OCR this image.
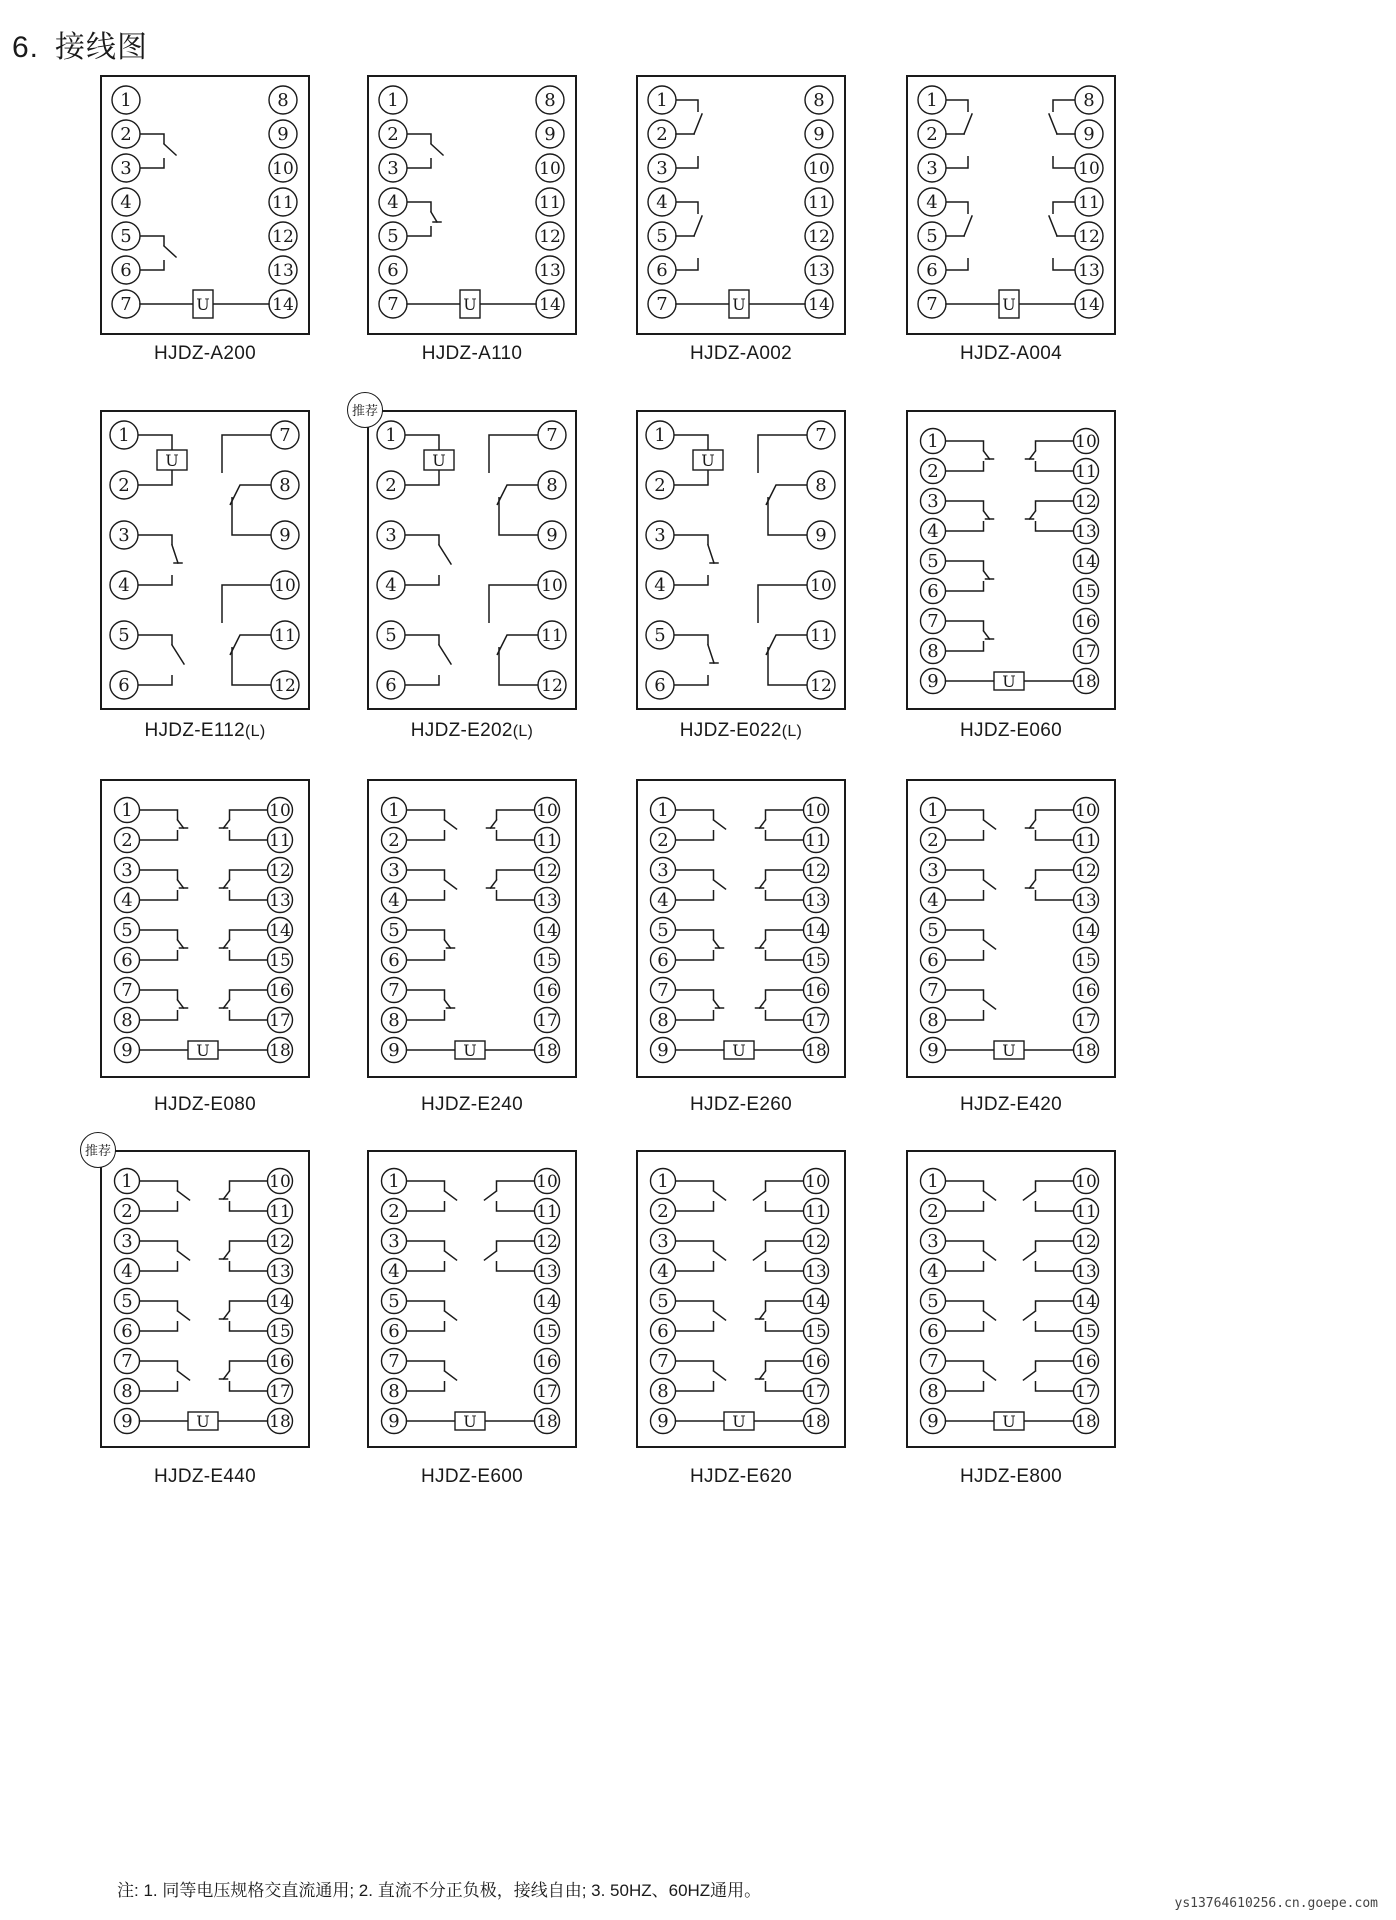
6. 接线图
1
2
3
4
5
6
7
8
9
10
11
12
13
14
U
HJDZ-A200
1
2
3
4
5
6
7
8
9
10
11
12
13
14
U
HJDZ-A110
1
2
3
4
5
6
7
8
9
10
11
12
13
14
U
HJDZ-A002
1
2
3
4
5
6
7
8
9
10
11
12
13
14
U
HJDZ-A004
1
2
3
4
5
6
7
8
9
10
11
12
U
HJDZ-E112(L)
1
2
3
4
5
6
7
8
9
10
11
12
U
HJDZ-E202(L)
推荐
1
2
3
4
5
6
7
8
9
10
11
12
U
HJDZ-E022(L)
1
2
3
4
5
6
7
8
9
10
11
12
13
14
15
16
17
18
U
HJDZ-E060
1
2
3
4
5
6
7
8
9
10
11
12
13
14
15
16
17
18
U
HJDZ-E080
1
2
3
4
5
6
7
8
9
10
11
12
13
14
15
16
17
18
U
HJDZ-E240
1
2
3
4
5
6
7
8
9
10
11
12
13
14
15
16
17
18
U
HJDZ-E260
1
2
3
4
5
6
7
8
9
10
11
12
13
14
15
16
17
18
U
HJDZ-E420
1
2
3
4
5
6
7
8
9
10
11
12
13
14
15
16
17
18
U
HJDZ-E440
推荐
1
2
3
4
5
6
7
8
9
10
11
12
13
14
15
16
17
18
U
HJDZ-E600
1
2
3
4
5
6
7
8
9
10
11
12
13
14
15
16
17
18
U
HJDZ-E620
1
2
3
4
5
6
7
8
9
10
11
12
13
14
15
16
17
18
U
HJDZ-E800
注: 1. 同等电压规格交直流通用; 2. 直流不分正负极，接线自由; 3. 50HZ、60HZ通用。
ys13764610256.cn.goepe.com
